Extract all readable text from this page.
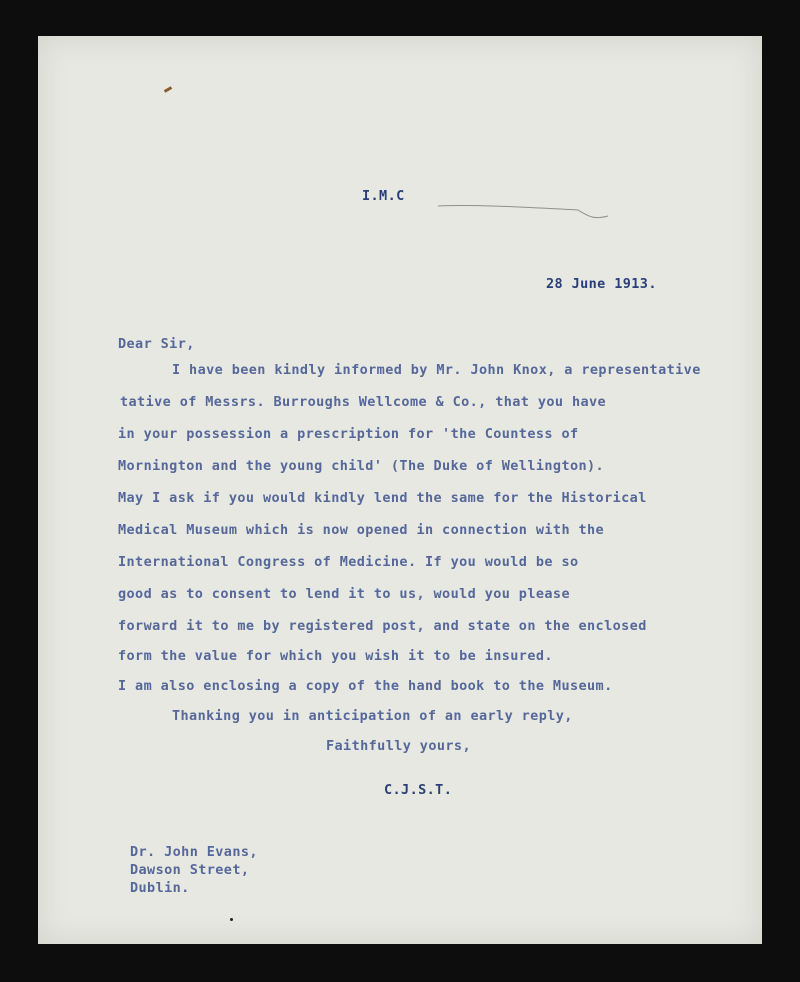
I.M.C
28 June 1913.
Dear Sir,
I have been kindly informed by Mr. John Knox, a representative
tative of Messrs. Burroughs Wellcome & Co., that you have
in your possession a prescription for 'the Countess of
Mornington and the young child' (The Duke of Wellington).
May I ask if you would kindly lend the same for the Historical
Medical Museum which is now opened in connection with the
International Congress of Medicine. If you would be so
good as to consent to lend it to us, would you please
forward it to me by registered post, and state on the enclosed
form the value for which you wish it to be insured.
I am also enclosing a copy of the hand book to the Museum.
Thanking you in anticipation of an early reply,
Faithfully yours,
C.J.S.T.
Dr. John Evans,
Dawson Street,
Dublin.
